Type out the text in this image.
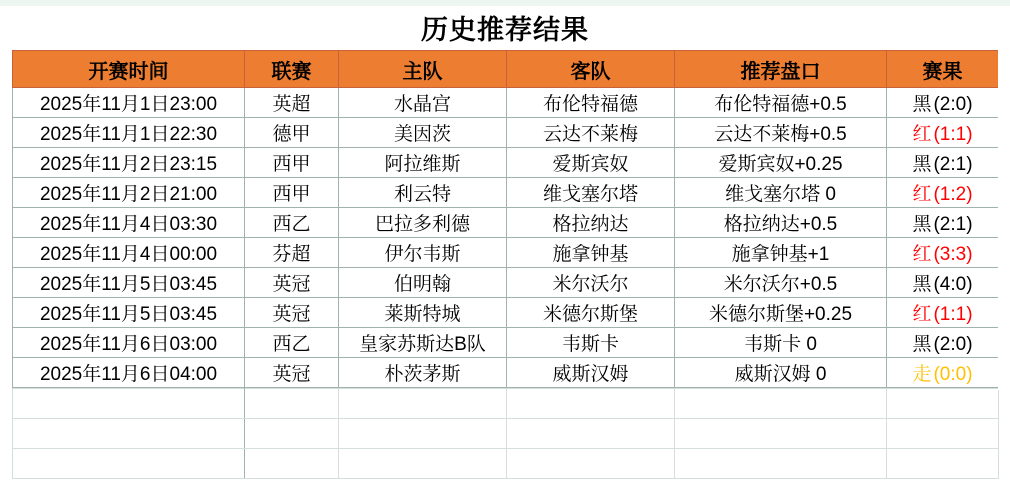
历史推荐结果
开赛时间	联赛	主队	客队	推荐盘口	赛果
2025年11月1日23:00	英超	水晶宫	布伦特福德	布伦特福德+0.5	黑 (2:0)
2025年11月1日22:30	德甲	美因茨	云达不莱梅	云达不莱梅+0.5	红 (1:1)
2025年11月2日23:15	西甲	阿拉维斯	爱斯宾奴	爱斯宾奴+0.25	黑 (2:1)
2025年11月2日21:00	西甲	利云特	维戈塞尔塔	维戈塞尔塔 0	红 (1:2)
2025年11月4日03:30	西乙	巴拉多利德	格拉纳达	格拉纳达+0.5	黑 (2:1)
2025年11月4日00:00	芬超	伊尔韦斯	施拿钟基	施拿钟基+1	红 (3:3)
2025年11月5日03:45	英冠	伯明翰	米尔沃尔	米尔沃尔+0.5	黑 (4:0)
2025年11月5日03:45	英冠	莱斯特城	米德尔斯堡	米德尔斯堡+0.25	红 (1:1)
2025年11月6日03:00	西乙	皇家苏斯达B队	韦斯卡	韦斯卡 0	黑 (2:0)
2025年11月6日04:00	英冠	朴茨茅斯	威斯汉姆	威斯汉姆 0	走 (0:0)
